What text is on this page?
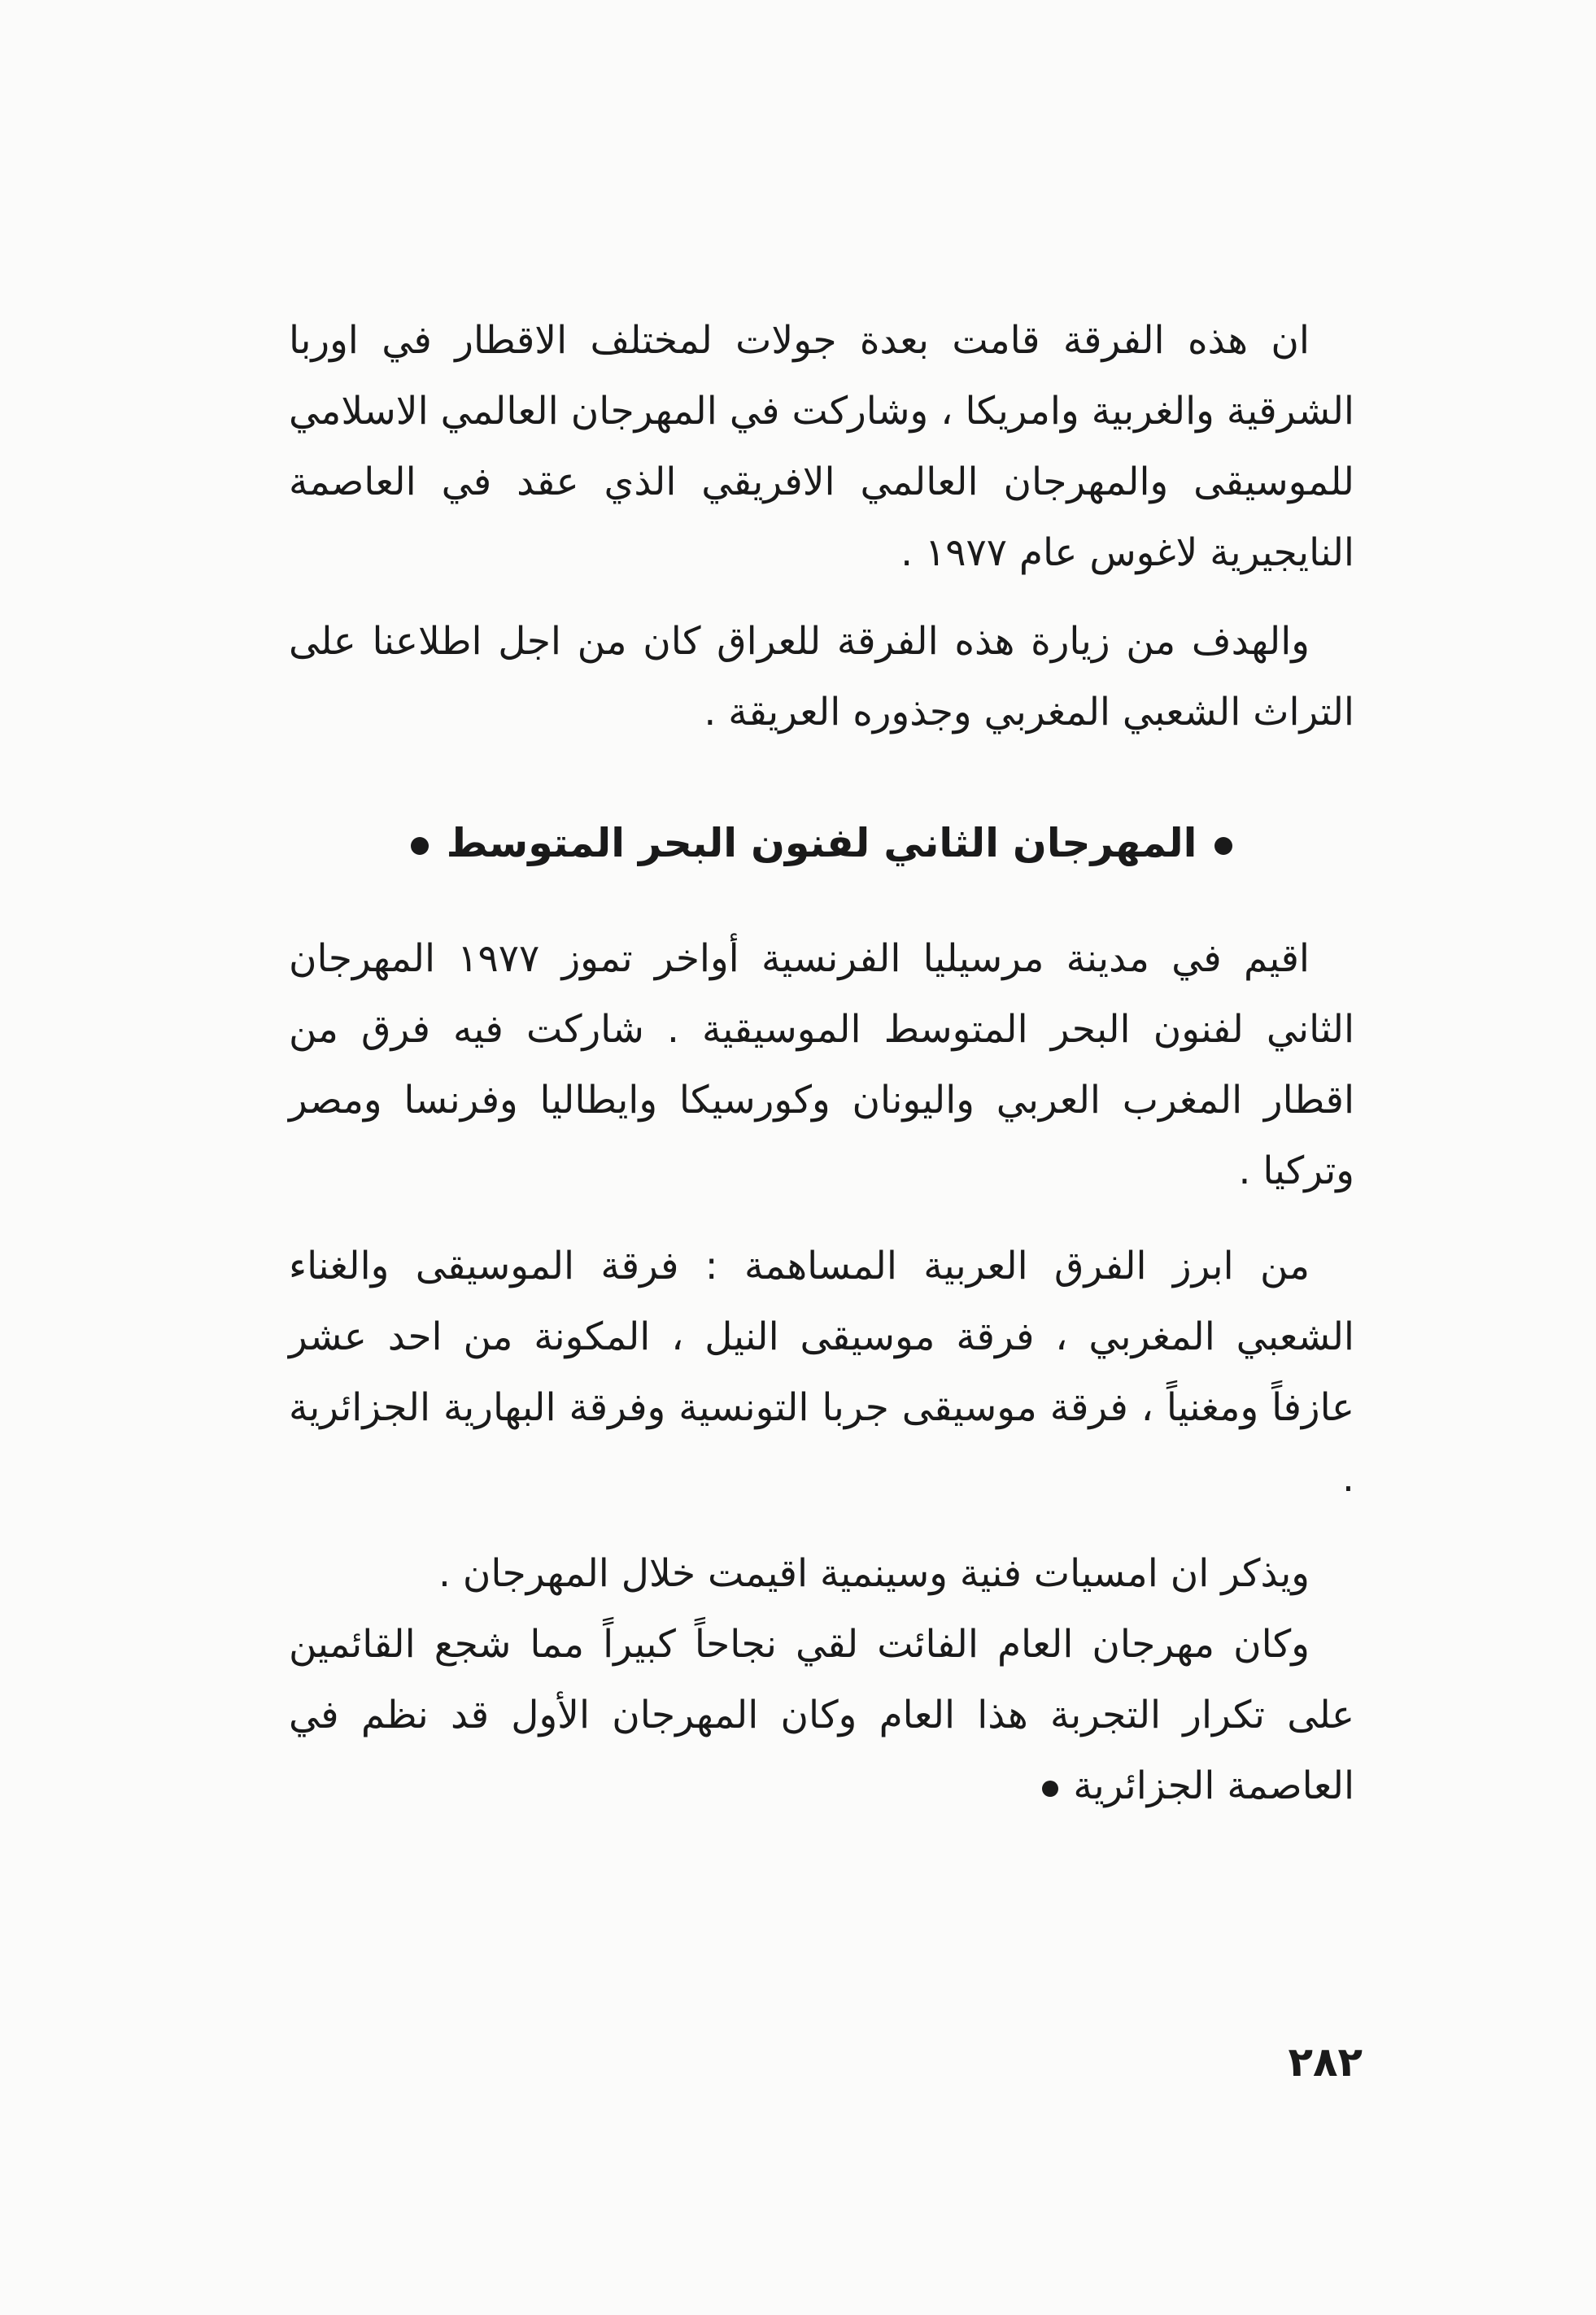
ان هذه الفرقة قامت بعدة جولات لمختلف الاقطار في اوربا الشرقية والغربية وامريكا ، وشاركت في المهرجان العالمي الاسلامي للموسيقى والمهرجان العالمي الافريقي الذي عقد في العاصمة النايجيرية لاغوس عام ١٩٧٧ .

والهدف من زيارة هذه الفرقة للعراق كان من اجل اطلاعنا على التراث الشعبي المغربي وجذوره العريقة .

المهرجان الثاني لفنون البحر المتوسط

اقيم في مدينة مرسيليا الفرنسية أواخر تموز ١٩٧٧ المهرجان الثاني لفنون البحر المتوسط الموسيقية . شاركت فيه فرق من اقطار المغرب العربي واليونان وكورسيكا وايطاليا وفرنسا ومصر وتركيا .

من ابرز الفرق العربية المساهمة : فرقة الموسيقى والغناء الشعبي المغربي ، فرقة موسيقى النيل ، المكونة من احد عشر عازفاً ومغنياً ، فرقة موسيقى جربا التونسية وفرقة البهارية الجزائرية .

ويذكر ان امسيات فنية وسينمية اقيمت خلال المهرجان .

وكان مهرجان العام الفائت لقي نجاحاً كبيراً مما شجع القائمين على تكرار التجربة هذا العام وكان المهرجان الأول قد نظم في العاصمة الجزائرية

٢٨٢
